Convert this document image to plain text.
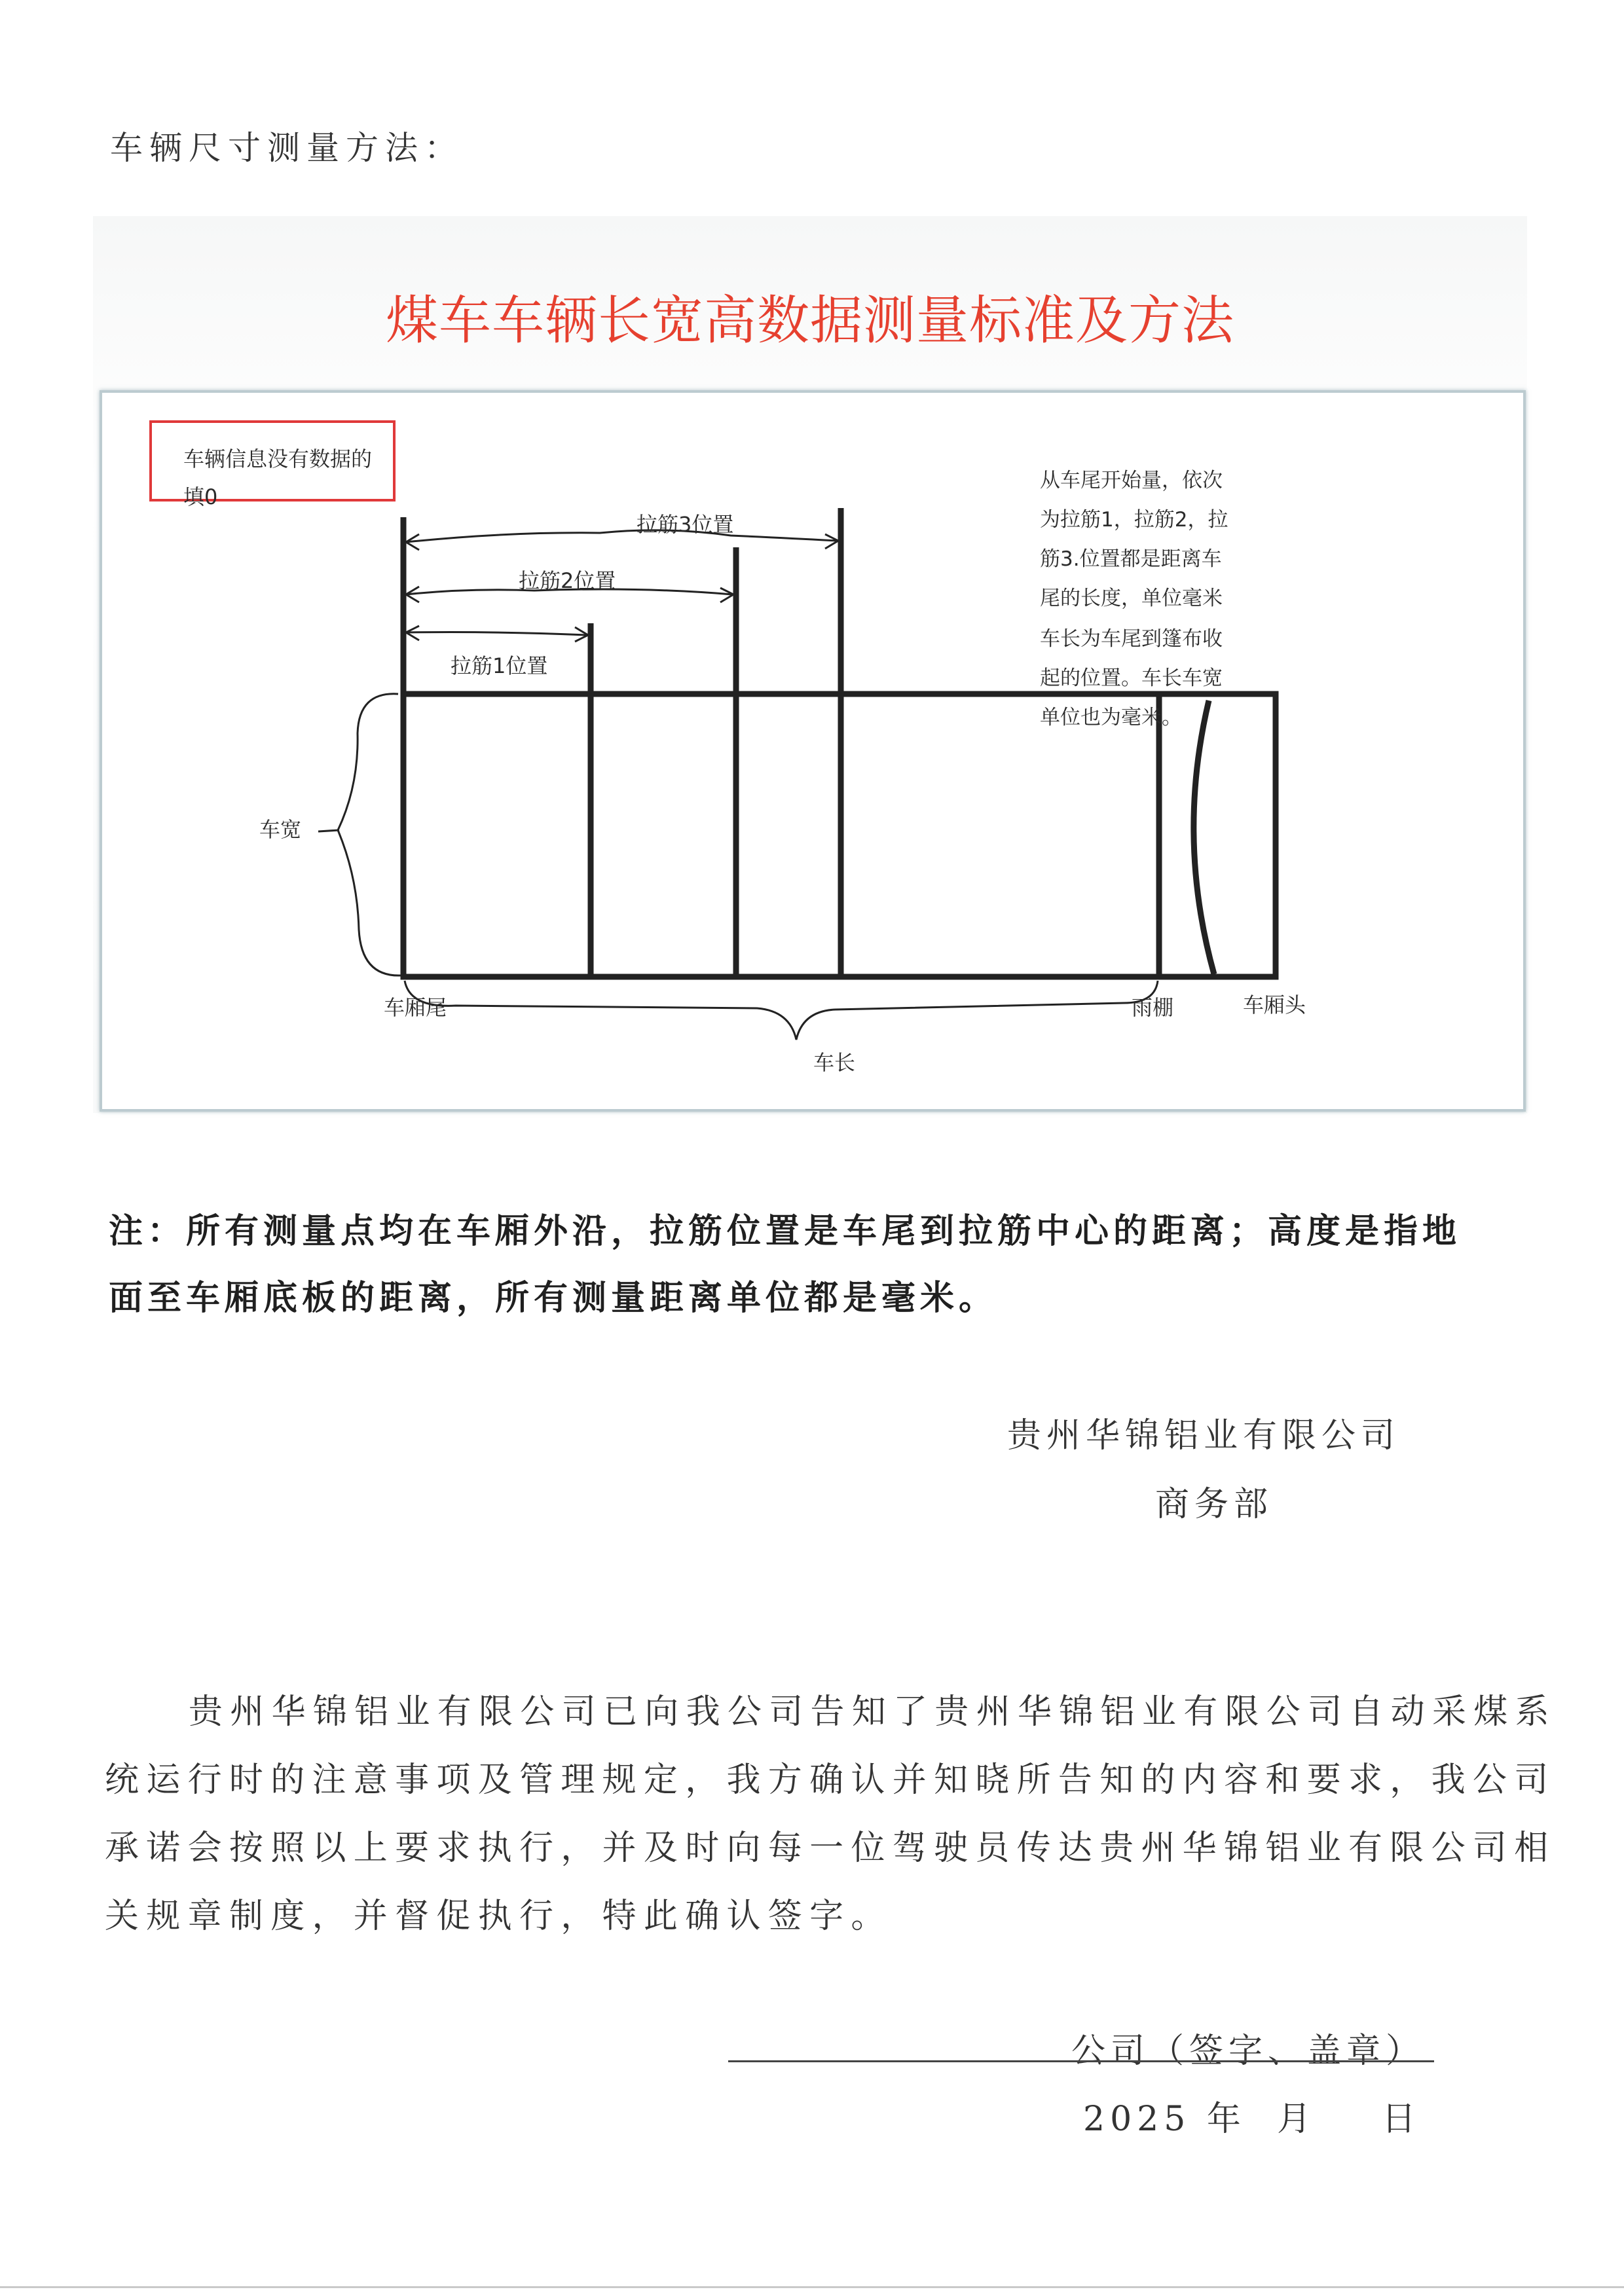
车辆尺寸测量方法：
煤车车辆长宽高数据测量标准及方法
拉筋3位置
拉筋2位置
拉筋1位置
车宽
车厢尾
车长
雨棚	车厢头
车辆信息没有数据的
填0
从车尾开始量，依次
为拉筋1，拉筋2，拉
筋3.位置都是距离车
尾的长度，单位毫米
车长为车尾到篷布收
起的位置。车长车宽
单位也为毫米。
注：所有测量点均在车厢外沿，拉筋位置是车尾到拉筋中心的距离；高度是指地
面至车厢底板的距离，所有测量距离单位都是毫米。
贵州华锦铝业有限公司
商务部
贵州华锦铝业有限公司已向我公司告知了贵州华锦铝业有限公司自动采煤系
统运行时的注意事项及管理规定，我方确认并知晓所告知的内容和要求，我公司
承诺会按照以上要求执行，并及时向每一位驾驶员传达贵州华锦铝业有限公司相
关规章制度，并督促执行，特此确认签字。
公司（签字、盖章）
2025 年 月 日
